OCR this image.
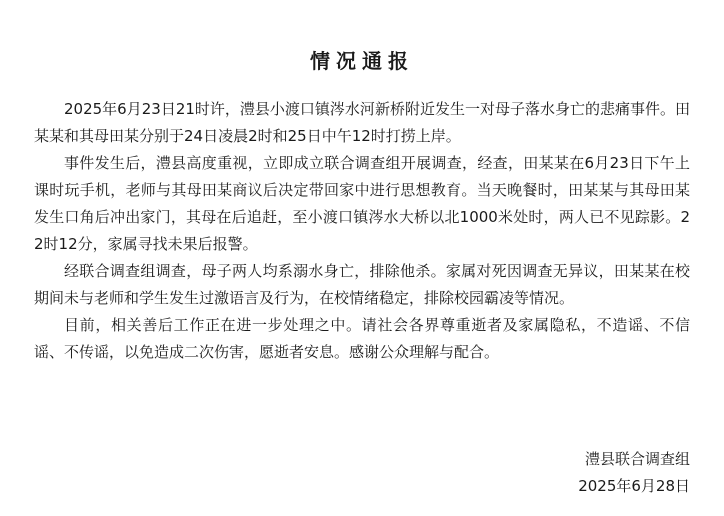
情况通报

2025年6月23日21时许，澧县小渡口镇涔水河新桥附近发生一对母子落水身亡的悲痛事件。田某某和其母田某分别于24日凌晨2时和25日中午12时打捞上岸。

事件发生后，澧县高度重视，立即成立联合调查组开展调查，经查，田某某在6月23日下午上课时玩手机，老师与其母田某商议后决定带回家中进行思想教育。当天晚餐时，田某某与其母田某发生口角后冲出家门，其母在后追赶，至小渡口镇涔水大桥以北1000米处时，两人已不见踪影。22时12分，家属寻找未果后报警。

经联合调查组调查，母子两人均系溺水身亡，排除他杀。家属对死因调查无异议，田某某在校期间未与老师和学生发生过激语言及行为，在校情绪稳定，排除校园霸凌等情况。

目前，相关善后工作正在进一步处理之中。请社会各界尊重逝者及家属隐私，不造谣、不信谣、不传谣，以免造成二次伤害，愿逝者安息。感谢公众理解与配合。

澧县联合调查组
2025年6月28日
